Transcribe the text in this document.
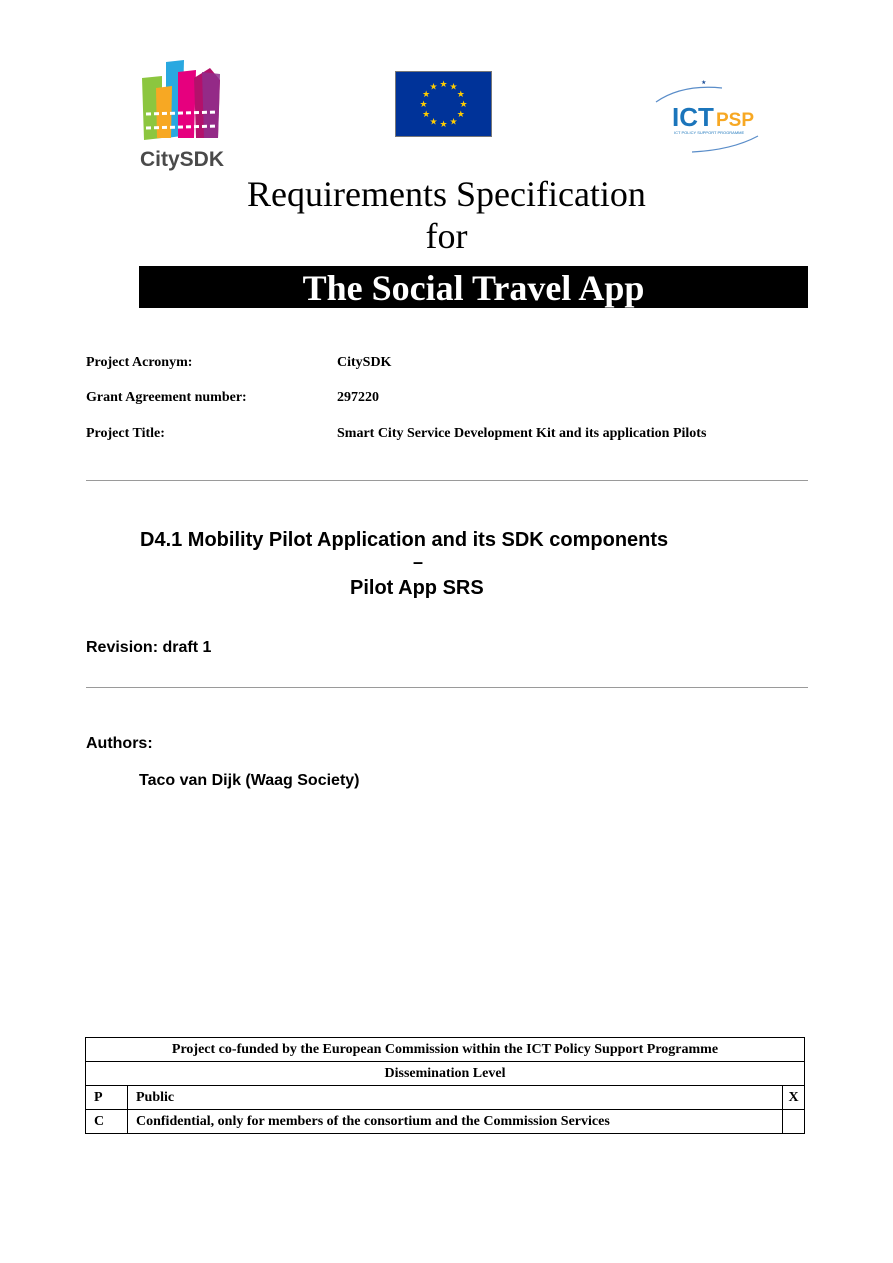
CitySDK
★ ★
★
★
★
★
★
★
★
★
★
★	⋆
ICT PSP
ICT POLICY SUPPORT PROGRAMME
Requirements Specification
for
The Social Travel App
Project Acronym:	CitySDK
Grant Agreement number:	297220
Project Title:	Smart City Service Development Kit and its application Pilots
D4.1 Mobility Pilot Application and its SDK components
–
Pilot App SRS
Revision: draft 1
Authors:
Taco van Dijk (Waag Society)
Project co-funded by the European Commission within the ICT Policy Support Programme		
Dissemination Level		
P	Public	X
C	Confidential, only for members of the consortium and the Commission Services	
